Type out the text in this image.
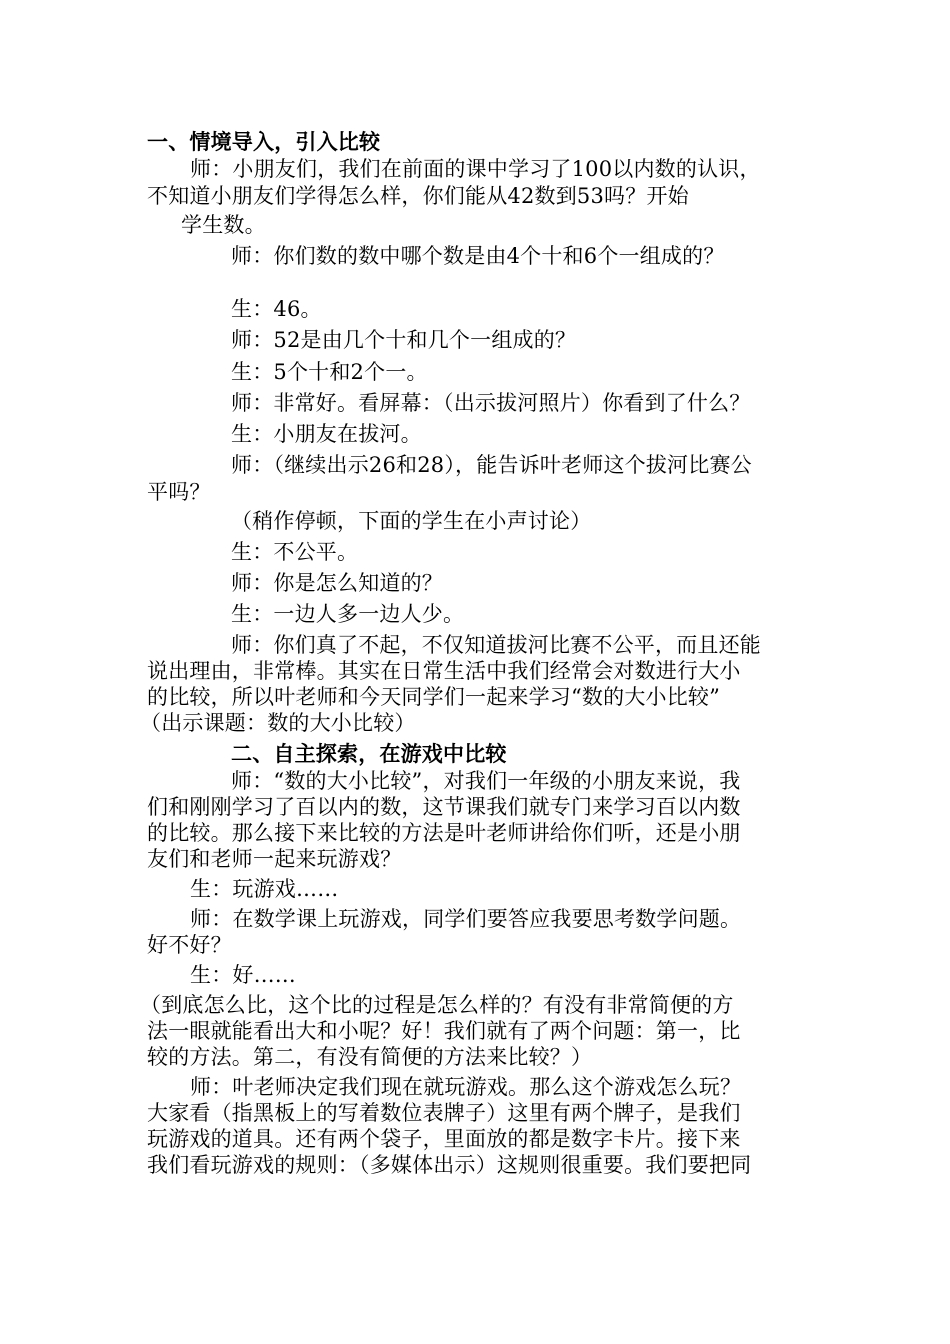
一、情境导入，引入比较
师：小朋友们，我们在前面的课中学习了100以内数的认识，
不知道小朋友们学得怎么样，你们能从42数到53吗？开始
学生数。
师：你们数的数中哪个数是由4个十和6个一组成的？
生：46。
师：52是由几个十和几个一组成的？
生：5个十和2个一。
师：非常好。看屏幕：（出示拔河照片）你看到了什么？
生：小朋友在拔河。
师：（继续出示26和28），能告诉叶老师这个拔河比赛公
平吗？
（稍作停顿，下面的学生在小声讨论）
生：不公平。
师：你是怎么知道的？
生：一边人多一边人少。
师：你们真了不起，不仅知道拔河比赛不公平，而且还能
说出理由，非常棒。其实在日常生活中我们经常会对数进行大小
的比较，所以叶老师和今天同学们一起来学习“数的大小比较”
（出示课题：数的大小比较）
二、自主探索，在游戏中比较
师：“数的大小比较”，对我们一年级的小朋友来说，我
们和刚刚学习了百以内的数，这节课我们就专门来学习百以内数
的比较。那么接下来比较的方法是叶老师讲给你们听，还是小朋
友们和老师一起来玩游戏？
生：玩游戏……
师：在数学课上玩游戏，同学们要答应我要思考数学问题。
好不好？
生：好……
（到底怎么比，这个比的过程是怎么样的？有没有非常简便的方
法一眼就能看出大和小呢？好！我们就有了两个问题：第一，比
较的方法。第二，有没有简便的方法来比较？）
师：叶老师决定我们现在就玩游戏。那么这个游戏怎么玩？
大家看（指黑板上的写着数位表牌子）这里有两个牌子，是我们
玩游戏的道具。还有两个袋子，里面放的都是数字卡片。接下来
我们看玩游戏的规则：（多媒体出示）这规则很重要。我们要把同
